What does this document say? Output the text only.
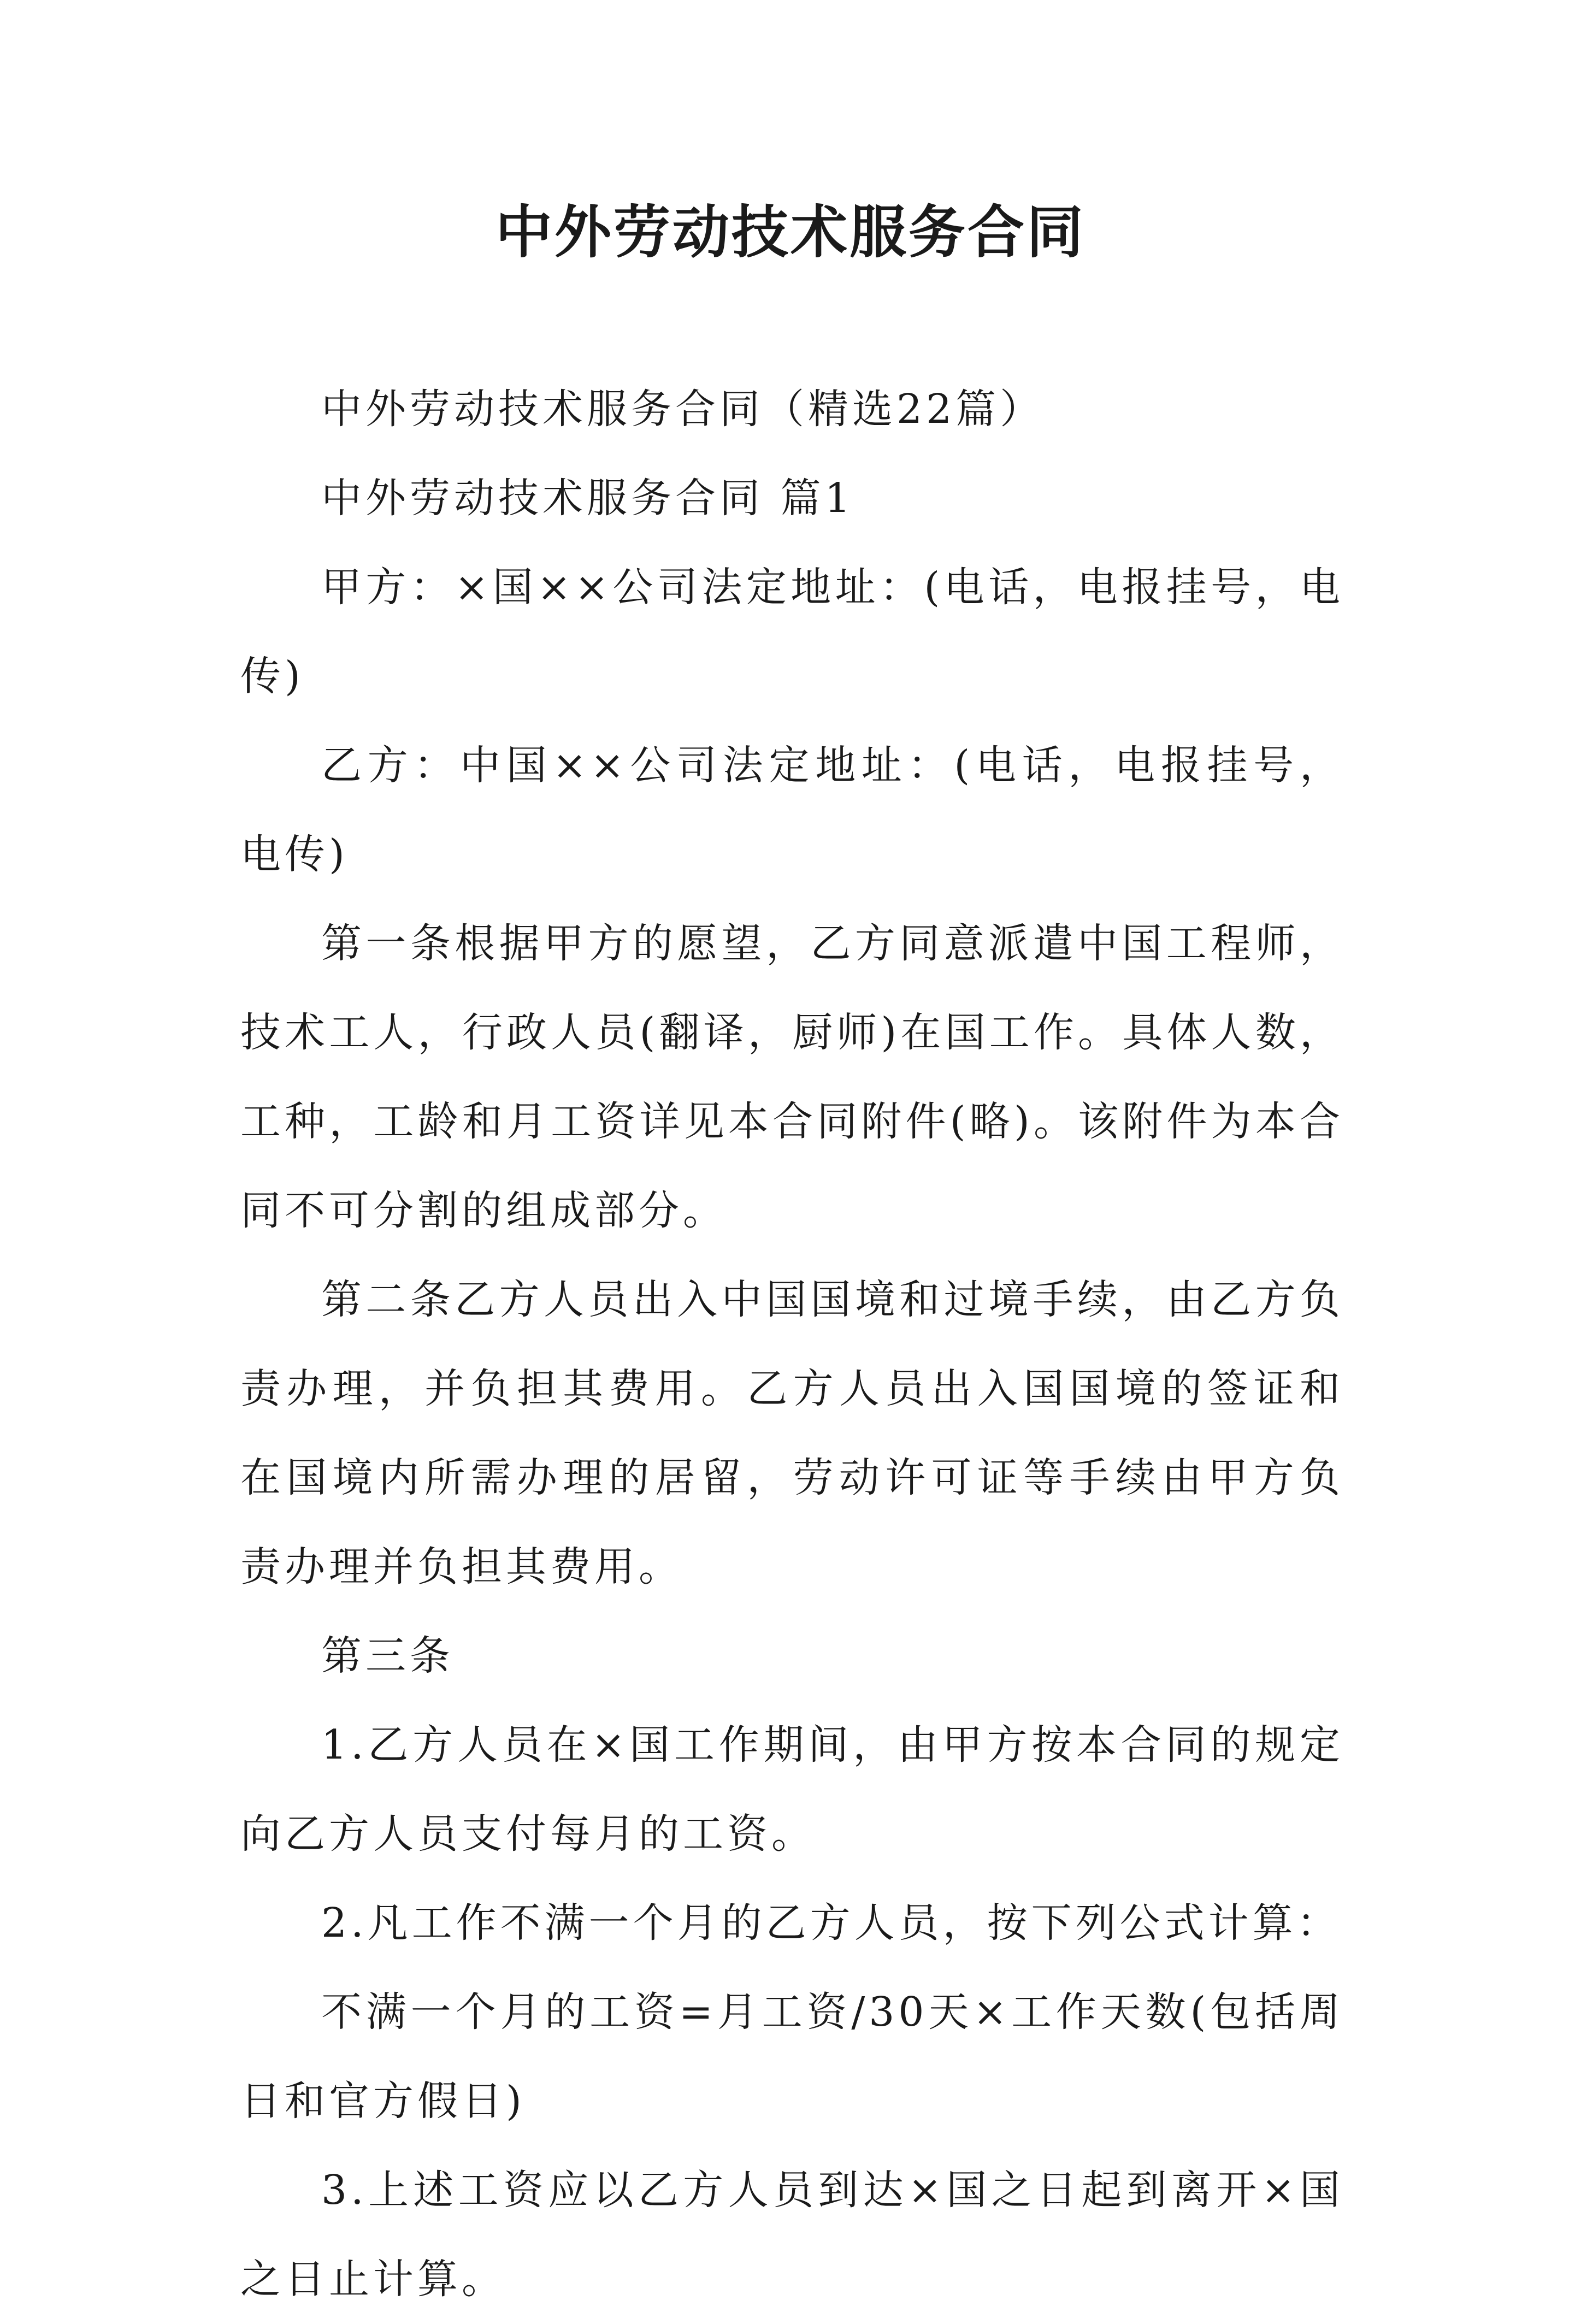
中外劳动技术服务合同

中外劳动技术服务合同（精选22篇）

中外劳动技术服务合同 篇1

甲方：×国××公司法定地址：(电话，电报挂号，电传)

乙方：中国××公司法定地址：(电话，电报挂号，电传)

第一条根据甲方的愿望，乙方同意派遣中国工程师，技术工人，行政人员(翻译，厨师)在国工作。具体人数，工种，工龄和月工资详见本合同附件(略)。该附件为本合同不可分割的组成部分。

第二条乙方人员出入中国国境和过境手续，由乙方负责办理，并负担其费用。乙方人员出入国国境的签证和在国境内所需办理的居留，劳动许可证等手续由甲方负责办理并负担其费用。

第三条

1.乙方人员在×国工作期间，由甲方按本合同的规定向乙方人员支付每月的工资。

2.凡工作不满一个月的乙方人员，按下列公式计算：

不满一个月的工资=月工资/30天×工作天数(包括周日和官方假日)

3.上述工资应以乙方人员到达×国之日起到离开×国之日止计算。
